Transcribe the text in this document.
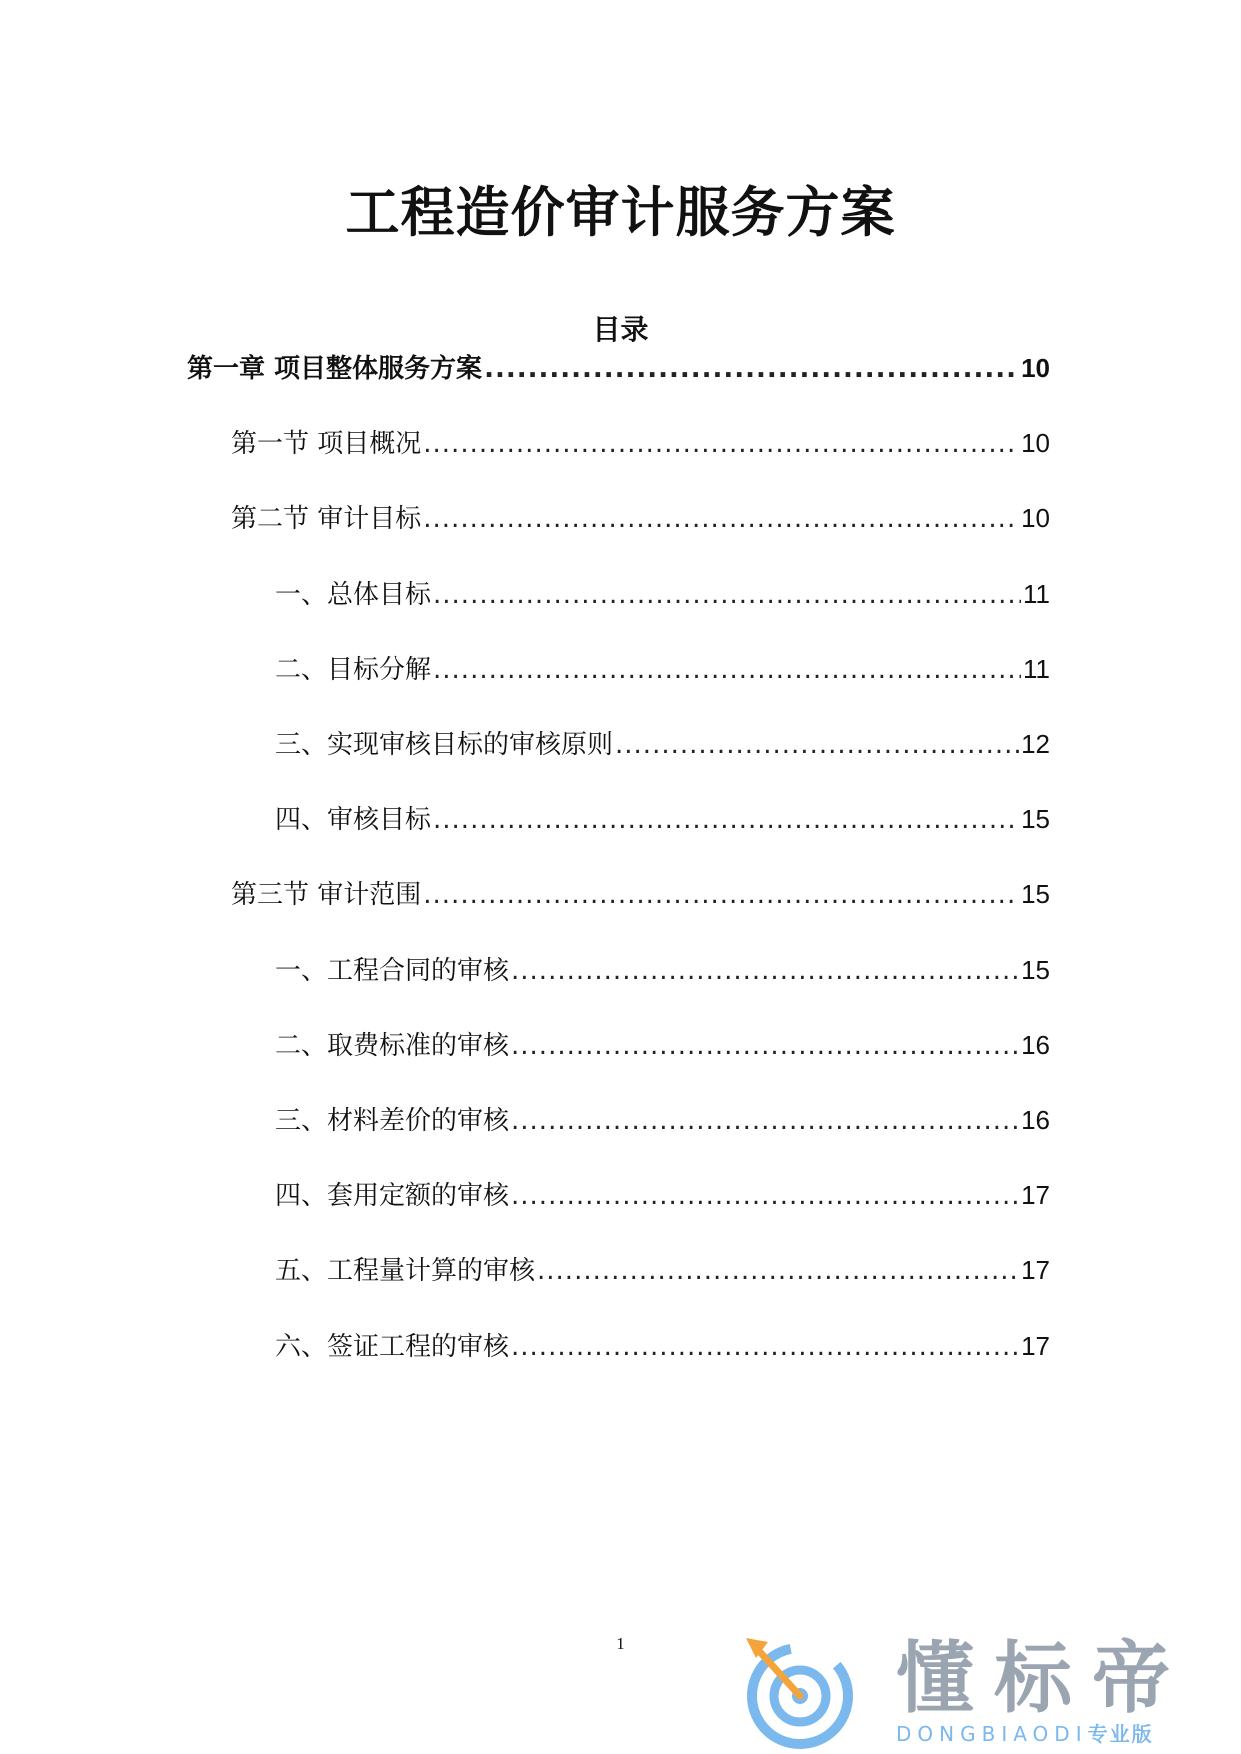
工程造价审计服务方案
目录
第一章 项目整体服务方案 .....	10
第一节 项目概况 .....	10
第二节 审计目标 .....	10
一、总体目标 .....	11
二、目标分解 .....	11
三、实现审核目标的审核原则 .....	12
四、审核目标 .....	15
第三节 审计范围 .....	15
一、工程合同的审核 .....	15
二、取费标准的审核 .....	16
三、材料差价的审核 .....	16
四、套用定额的审核 .....	17
五、工程量计算的审核 .....	17
六、签证工程的审核 .....	17
1	懂标帝
DONGBIAODI专业版
